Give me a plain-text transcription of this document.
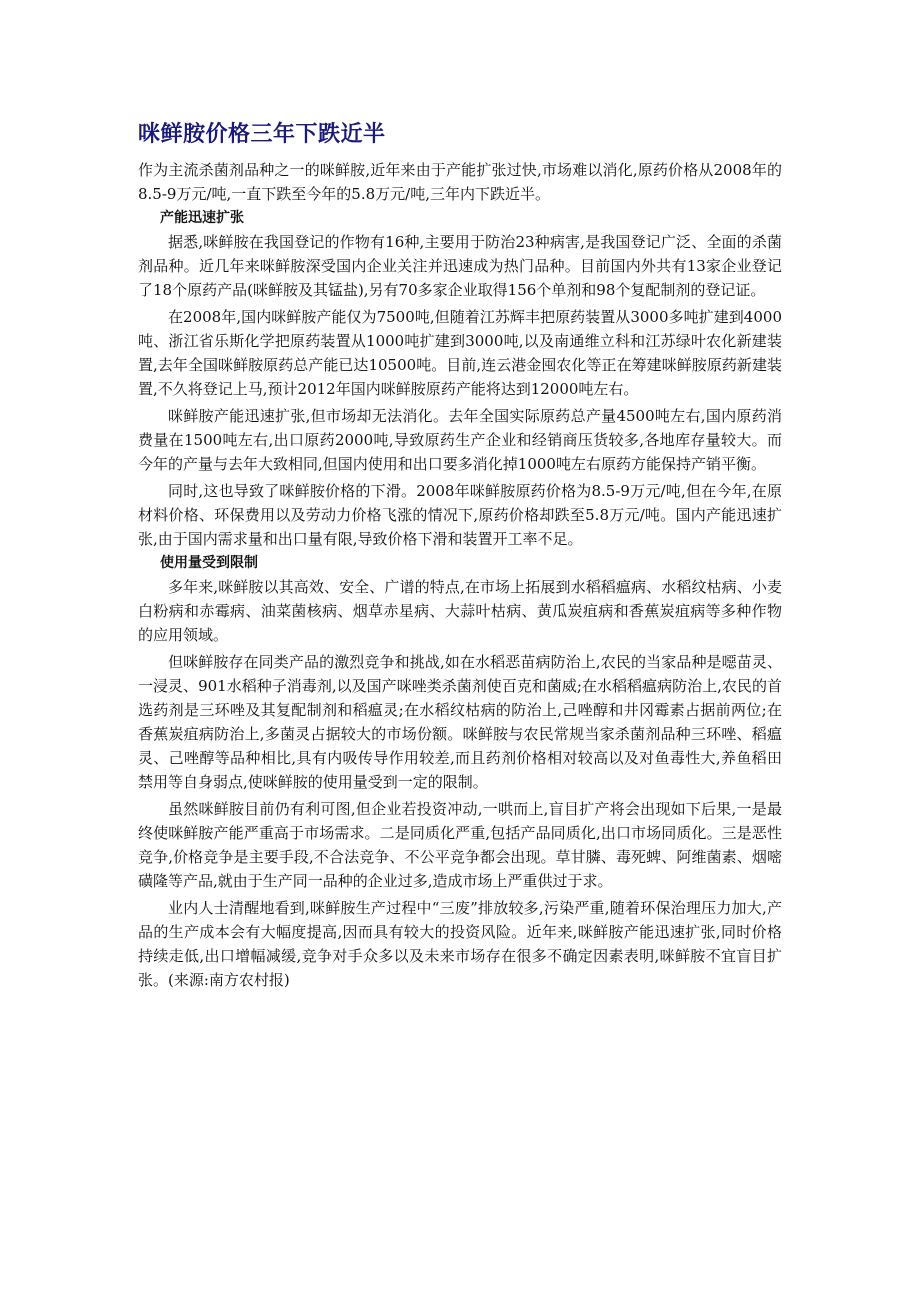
咪鲜胺价格三年下跌近半

作为主流杀菌剂品种之一的咪鲜胺,近年来由于产能扩张过快,市场难以消化,原药价格从2008年的8.5-9万元/吨,一直下跌至今年的5.8万元/吨,三年内下跌近半。

产能迅速扩张

据悉,咪鲜胺在我国登记的作物有16种,主要用于防治23种病害,是我国登记广泛、全面的杀菌剂品种。近几年来咪鲜胺深受国内企业关注并迅速成为热门品种。目前国内外共有13家企业登记了18个原药产品(咪鲜胺及其锰盐),另有70多家企业取得156个单剂和98个复配制剂的登记证。

在2008年,国内咪鲜胺产能仅为7500吨,但随着江苏辉丰把原药装置从3000多吨扩建到4000吨、浙江省乐斯化学把原药装置从1000吨扩建到3000吨,以及南通维立科和江苏绿叶农化新建装置,去年全国咪鲜胺原药总产能已达10500吨。目前,连云港金囤农化等正在筹建咪鲜胺原药新建装置,不久将登记上马,预计2012年国内咪鲜胺原药产能将达到12000吨左右。

咪鲜胺产能迅速扩张,但市场却无法消化。去年全国实际原药总产量4500吨左右,国内原药消费量在1500吨左右,出口原药2000吨,导致原药生产企业和经销商压货较多,各地库存量较大。而今年的产量与去年大致相同,但国内使用和出口要多消化掉1000吨左右原药方能保持产销平衡。

同时,这也导致了咪鲜胺价格的下滑。2008年咪鲜胺原药价格为8.5-9万元/吨,但在今年,在原材料价格、环保费用以及劳动力价格飞涨的情况下,原药价格却跌至5.8万元/吨。国内产能迅速扩张,由于国内需求量和出口量有限,导致价格下滑和装置开工率不足。

使用量受到限制

多年来,咪鲜胺以其高效、安全、广谱的特点,在市场上拓展到水稻稻瘟病、水稻纹枯病、小麦白粉病和赤霉病、油菜菌核病、烟草赤星病、大蒜叶枯病、黄瓜炭疽病和香蕉炭疽病等多种作物的应用领域。

但咪鲜胺存在同类产品的激烈竞争和挑战,如在水稻恶苗病防治上,农民的当家品种是噁苗灵、一浸灵、901水稻种子消毒剂,以及国产咪唑类杀菌剂使百克和菌威;在水稻稻瘟病防治上,农民的首选药剂是三环唑及其复配制剂和稻瘟灵;在水稻纹枯病的防治上,己唑醇和井冈霉素占据前两位;在香蕉炭疽病防治上,多菌灵占据较大的市场份额。咪鲜胺与农民常规当家杀菌剂品种三环唑、稻瘟灵、己唑醇等品种相比,具有内吸传导作用较差,而且药剂价格相对较高以及对鱼毒性大,养鱼稻田禁用等自身弱点,使咪鲜胺的使用量受到一定的限制。

虽然咪鲜胺目前仍有利可图,但企业若投资冲动,一哄而上,盲目扩产将会出现如下后果,一是最终使咪鲜胺产能严重高于市场需求。二是同质化严重,包括产品同质化,出口市场同质化。三是恶性竞争,价格竞争是主要手段,不合法竞争、不公平竞争都会出现。草甘膦、毒死蜱、阿维菌素、烟嘧磺隆等产品,就由于生产同一品种的企业过多,造成市场上严重供过于求。

业内人士清醒地看到,咪鲜胺生产过程中“三废”排放较多,污染严重,随着环保治理压力加大,产品的生产成本会有大幅度提高,因而具有较大的投资风险。近年来,咪鲜胺产能迅速扩张,同时价格持续走低,出口增幅减缓,竞争对手众多以及未来市场存在很多不确定因素表明,咪鲜胺不宜盲目扩张。(来源:南方农村报)
